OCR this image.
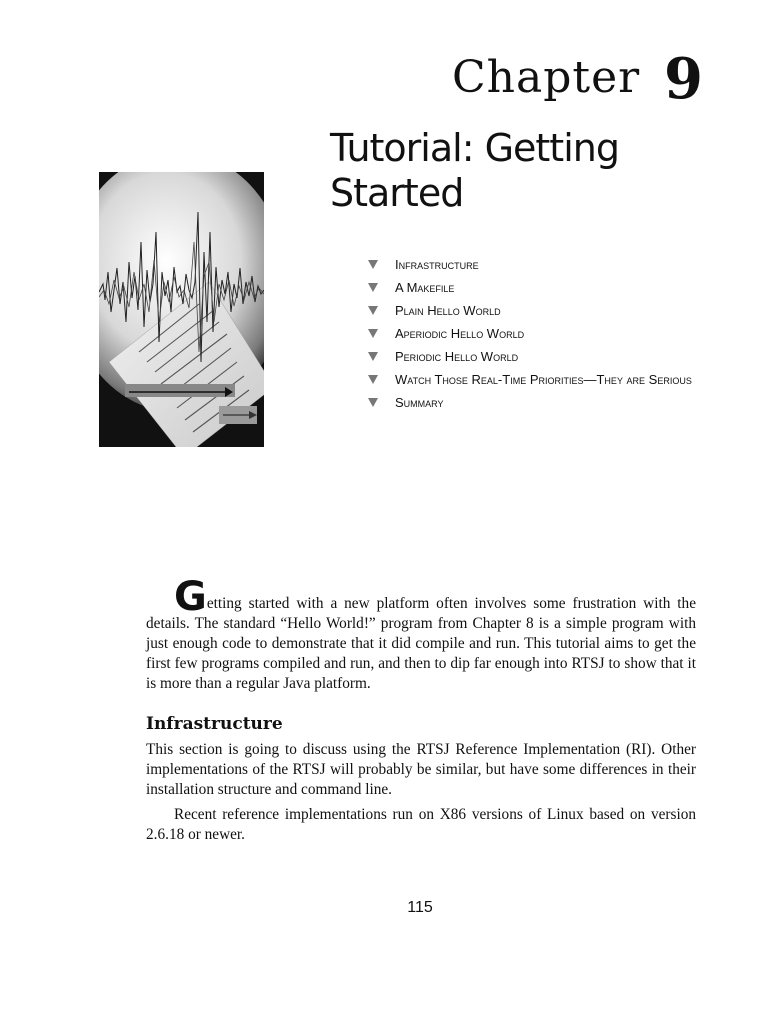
Chapter 9
Tutorial: Getting
Started
Infrastructure
A Makefile
Plain Hello World
Aperiodic Hello World
Periodic Hello World
Watch Those Real-Time Priorities—They are Serious
Summary

Getting started with a new platform often involves some frustration with the details. The standard “Hello World!” program from Chapter 8 is a simple program with just enough code to demonstrate that it did compile and run. This tutorial aims to get the first few programs compiled and run, and then to dip far enough into RTSJ to show that it is more than a regular Java platform.

Infrastructure

This section is going to discuss using the RTSJ Reference Implementation (RI). Other implementations of the RTSJ will probably be similar, but have some differences in their installation structure and command line.

Recent reference implementations run on X86 versions of Linux based on version 2.6.18 or newer.

115
